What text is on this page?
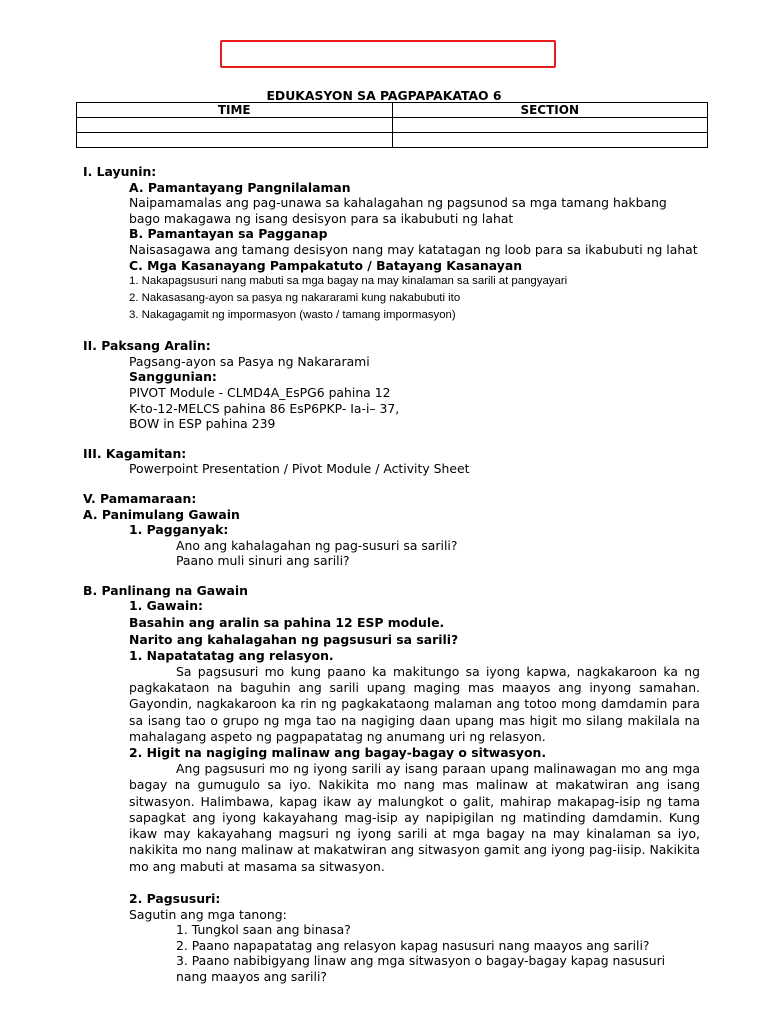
EDUKASYON SA PAGPAPAKATAO 6
TIME	SECTION

I. Layunin:

A. Pamantayang Pangnilalaman

Naipamamalas ang pag-unawa sa kahalagahan ng pagsunod sa mga tamang hakbang bago makagawa ng isang desisyon para sa ikabubuti ng lahat

B. Pamantayan sa Pagganap

Naisasagawa ang tamang desisyon nang may katatagan ng loob para sa ikabubuti ng lahat

C. Mga Kasanayang Pampakatuto / Batayang Kasanayan

1. Nakapagsusuri nang mabuti sa mga bagay na may kinalaman sa sarili at pangyayari

2. Nakasasang-ayon sa pasya ng nakararami kung nakabubuti ito

3. Nakagagamit ng impormasyon (wasto / tamang impormasyon)

II. Paksang Aralin:

Pagsang-ayon sa Pasya ng Nakararami

Sanggunian:

PIVOT Module - CLMD4A_EsPG6 pahina 12

K-to-12-MELCS pahina 86 EsP6PKP- Ia-i– 37,

BOW in ESP pahina 239

III. Kagamitan:

Powerpoint Presentation / Pivot Module / Activity Sheet

V. Pamamaraan:

A. Panimulang Gawain

1. Pagganyak:

Ano ang kahalagahan ng pag-susuri sa sarili?

Paano muli sinuri ang sarili?

B. Panlinang na Gawain

1. Gawain:

Basahin ang aralin sa pahina 12 ESP module.

Narito ang kahalagahan ng pagsusuri sa sarili?

1. Napatatatag ang relasyon.

Sa pagsusuri mo kung paano ka makitungo sa iyong kapwa, nagkakaroon ka ng pagkakataon na baguhin ang sarili upang maging mas maayos ang inyong samahan. Gayondin, nagkakaroon ka rin ng pagkakataong malaman ang totoo mong damdamin para sa isang tao o grupo ng mga tao na nagiging daan upang mas higit mo silang makilala na mahalagang aspeto ng pagpapatatag ng anumang uri ng relasyon.

2. Higit na nagiging malinaw ang bagay-bagay o sitwasyon.

Ang pagsusuri mo ng iyong sarili ay isang paraan upang malinawagan mo ang mga bagay na gumugulo sa iyo. Nakikita mo nang mas malinaw at makatwiran ang isang sitwasyon. Halimbawa, kapag ikaw ay malungkot o galit, mahirap makapag-isip ng tama sapagkat ang iyong kakayahang mag-isip ay napipigilan ng matinding damdamin. Kung ikaw may kakayahang magsuri ng iyong sarili at mga bagay na may kinalaman sa iyo, nakikita mo nang malinaw at makatwiran ang sitwasyon gamit ang iyong pag-iisip. Nakikita mo ang mabuti at masama sa sitwasyon.

2. Pagsusuri:

Sagutin ang mga tanong:

1. Tungkol saan ang binasa?

2. Paano napapatatag ang relasyon kapag nasusuri nang maayos ang sarili?

3. Paano nabibigyang linaw ang mga sitwasyon o bagay-bagay kapag nasusuri nang maayos ang sarili?
